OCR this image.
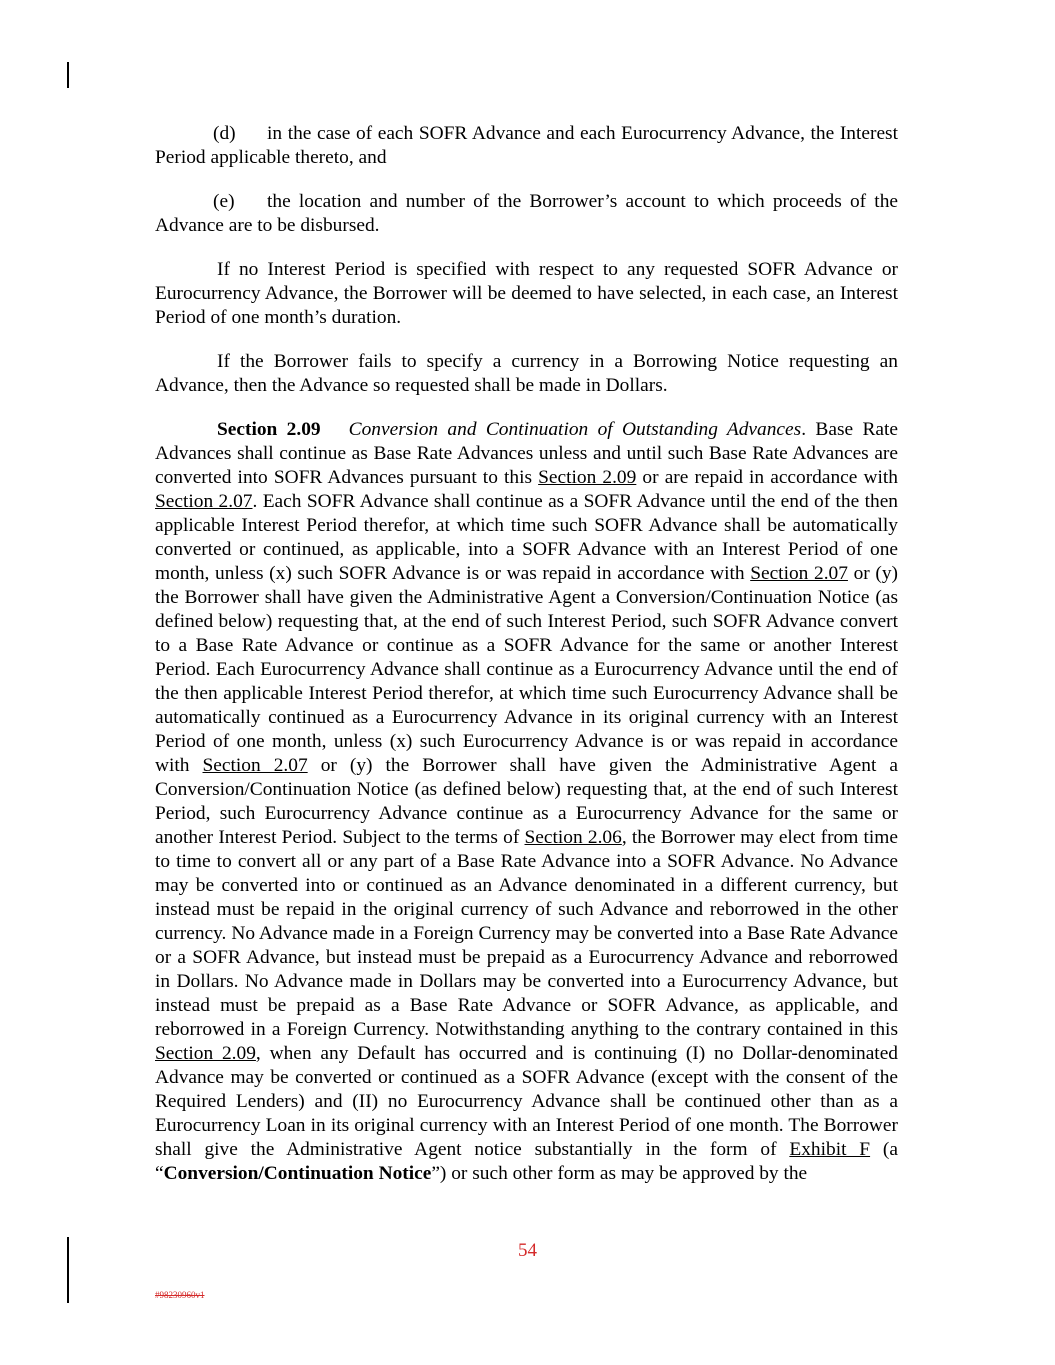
(d) in the case of each SOFR Advance and each Eurocurrency Advance, the Interest Period applicable thereto, and

(e) the location and number of the Borrower’s account to which proceeds of the Advance are to be disbursed.

If no Interest Period is specified with respect to any requested SOFR Advance or Eurocurrency Advance, the Borrower will be deemed to have selected, in each case, an Interest Period of one month’s duration.

If the Borrower fails to specify a currency in a Borrowing Notice requesting an Advance, then the Advance so requested shall be made in Dollars.

Section 2.09 Conversion and Continuation of Outstanding Advances. Base Rate Advances shall continue as Base Rate Advances unless and until such Base Rate Advances are converted into SOFR Advances pursuant to this Section 2.09 or are repaid in accordance with Section 2.07. Each SOFR Advance shall continue as a SOFR Advance until the end of the then applicable Interest Period therefor, at which time such SOFR Advance shall be automatically converted or continued, as applicable, into a SOFR Advance with an Interest Period of one month, unless (x) such SOFR Advance is or was repaid in accordance with Section 2.07 or (y) the Borrower shall have given the Administrative Agent a Conversion/Continuation Notice (as defined below) requesting that, at the end of such Interest Period, such SOFR Advance convert to a Base Rate Advance or continue as a SOFR Advance for the same or another Interest Period. Each Eurocurrency Advance shall continue as a Eurocurrency Advance until the end of the then applicable Interest Period therefor, at which time such Eurocurrency Advance shall be automatically continued as a Eurocurrency Advance in its original currency with an Interest Period of one month, unless (x) such Eurocurrency Advance is or was repaid in accordance with Section 2.07 or (y) the Borrower shall have given the Administrative Agent a Conversion/Continuation Notice (as defined below) requesting that, at the end of such Interest Period, such Eurocurrency Advance continue as a Eurocurrency Advance for the same or another Interest Period. Subject to the terms of Section 2.06, the Borrower may elect from time to time to convert all or any part of a Base Rate Advance into a SOFR Advance. No Advance may be converted into or continued as an Advance denominated in a different currency, but instead must be repaid in the original currency of such Advance and reborrowed in the other currency. No Advance made in a Foreign Currency may be converted into a Base Rate Advance or a SOFR Advance, but instead must be prepaid as a Eurocurrency Advance and reborrowed in Dollars. No Advance made in Dollars may be converted into a Eurocurrency Advance, but instead must be prepaid as a Base Rate Advance or SOFR Advance, as applicable, and reborrowed in a Foreign Currency. Notwithstanding anything to the contrary contained in this Section 2.09, when any Default has occurred and is continuing (I) no Dollar-denominated Advance may be converted or continued as a SOFR Advance (except with the consent of the Required Lenders) and (II) no Eurocurrency Advance shall be continued other than as a Eurocurrency Loan in its original currency with an Interest Period of one month. The Borrower shall give the Administrative Agent notice substantially in the form of Exhibit F (a “Conversion/Continuation Notice”) or such other form as may be approved by the

54
#98230960v1
